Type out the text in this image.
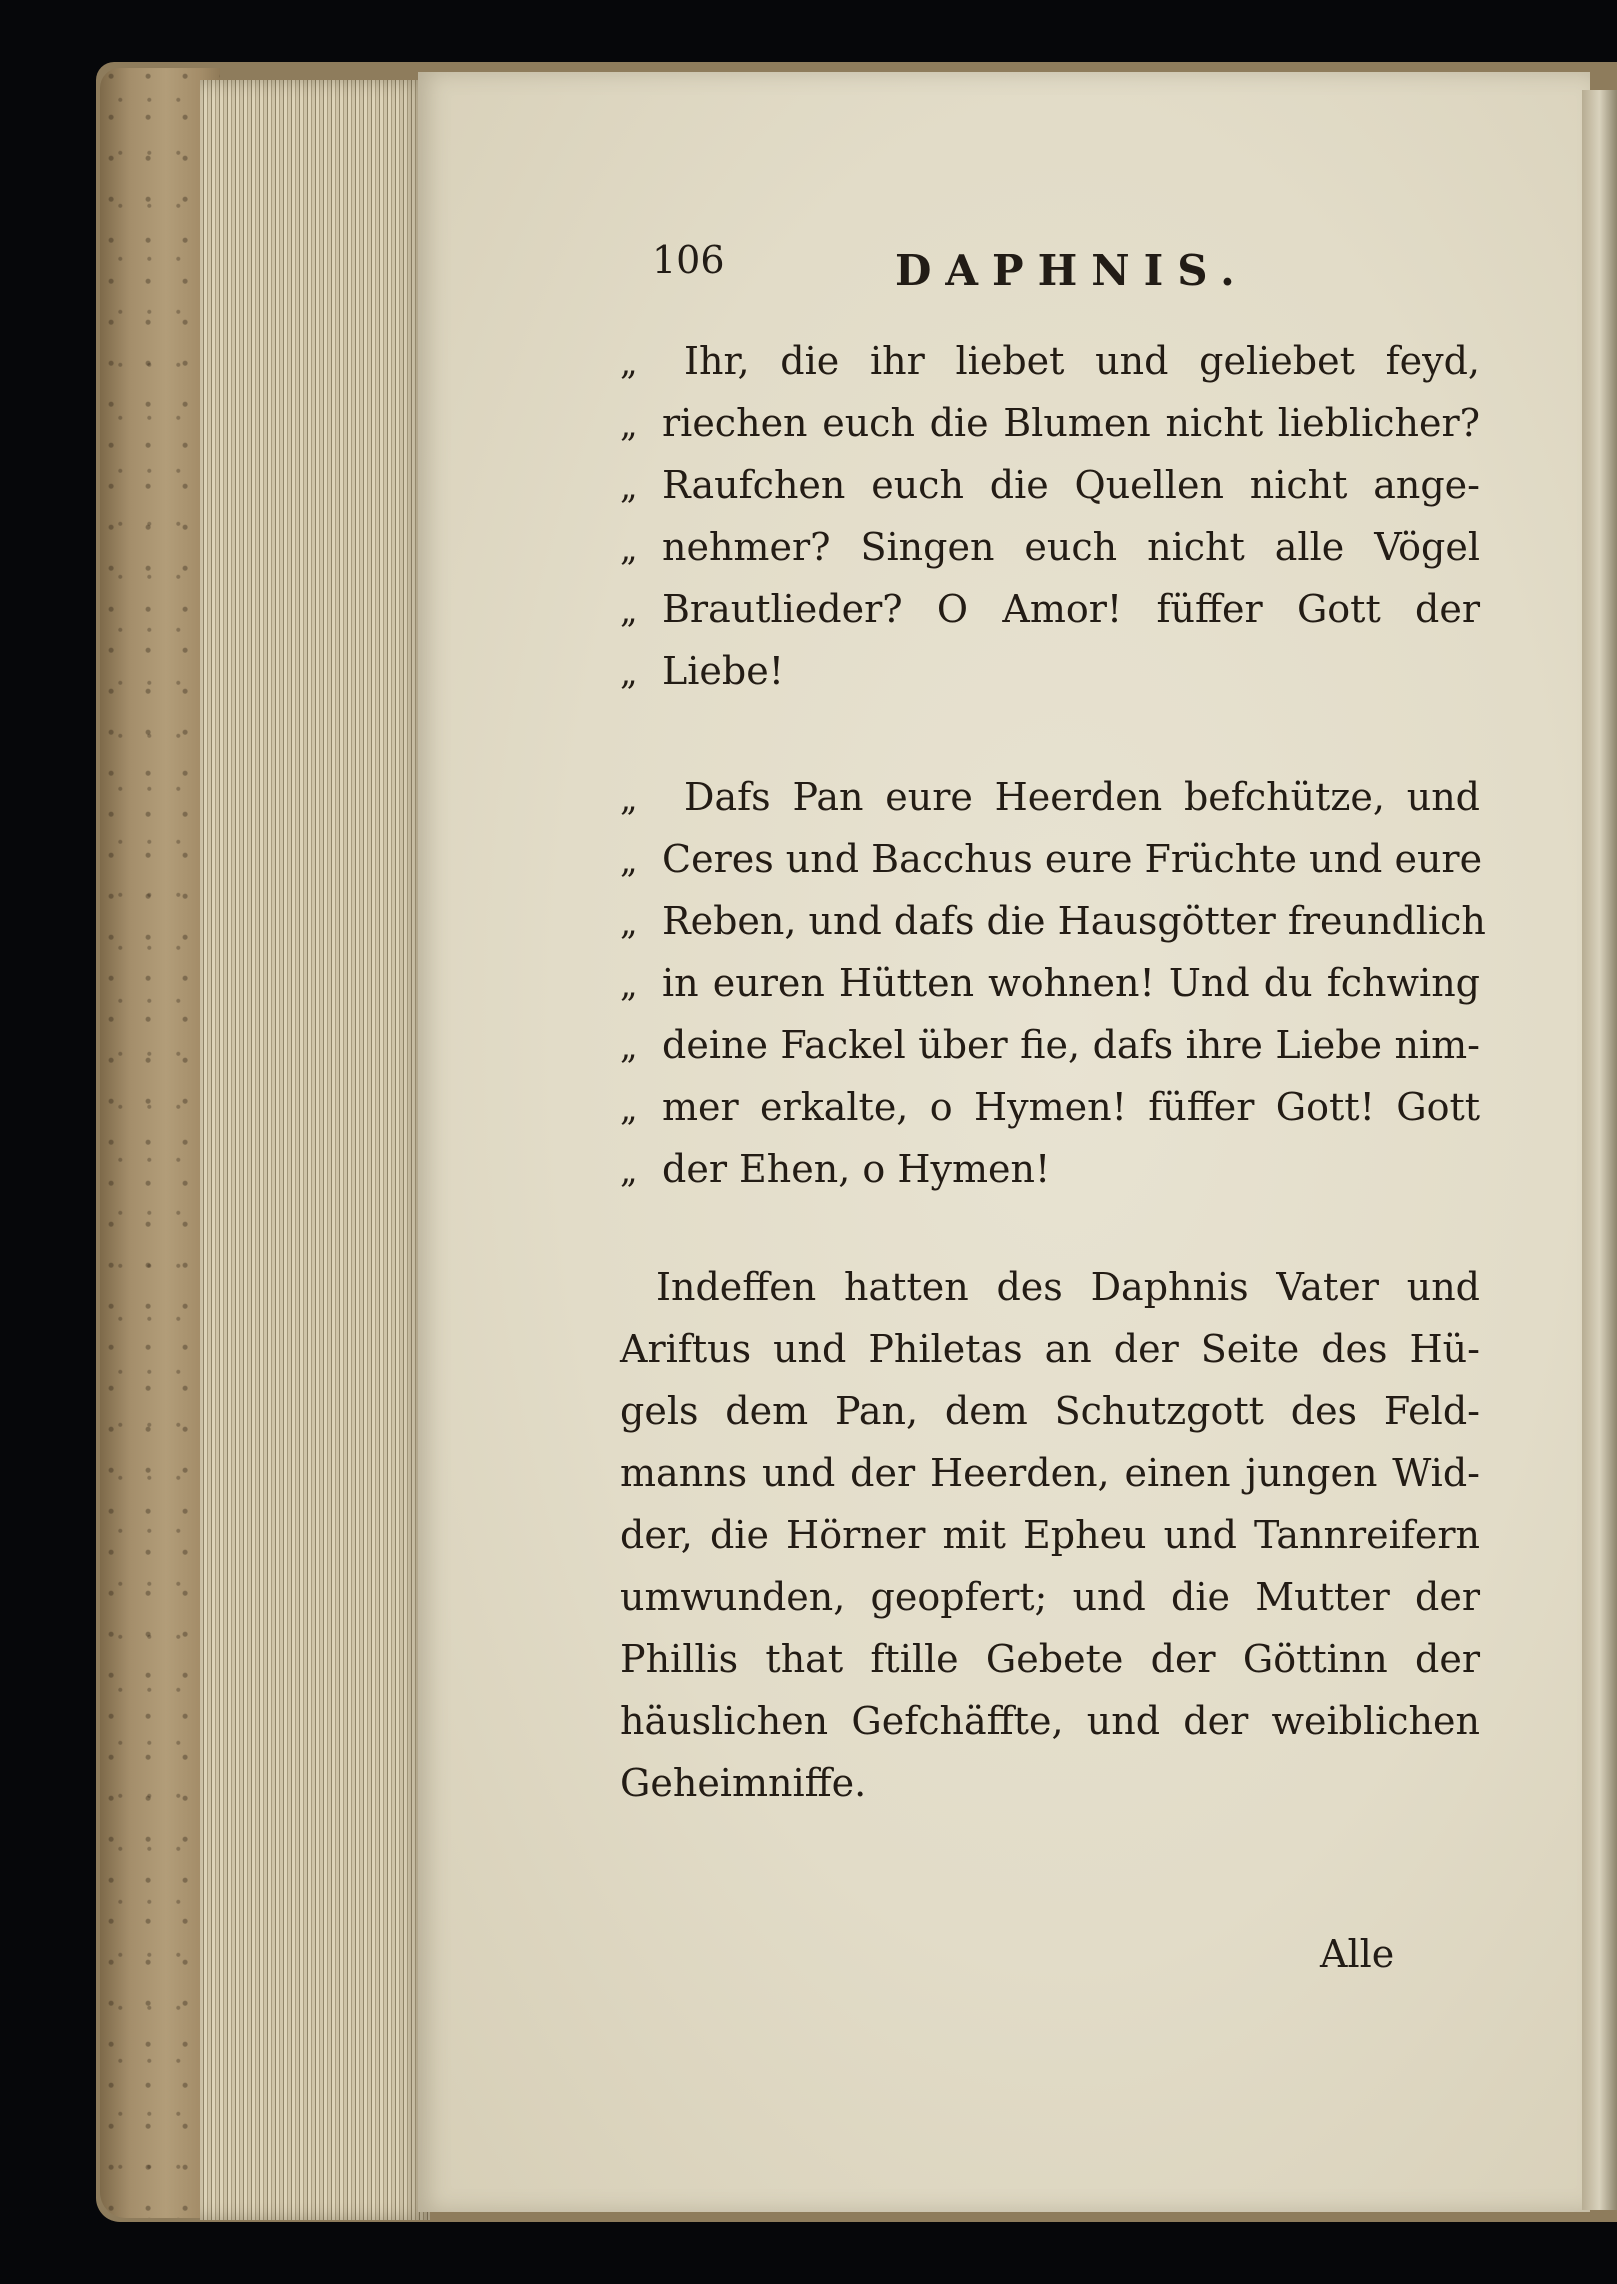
106	DAPHNIS.
„	Ihr, die ihr liebet und geliebet feyd,
„ riechen euch die Blumen nicht lieblicher?
„ Raufchen euch die Quellen nicht ange-
„ nehmer? Singen euch nicht alle Vögel
„ Brautlieder? O Amor! füffer Gott der
„ Liebe!
„	Dafs Pan eure Heerden befchütze, und
„ Ceres und Bacchus eure Früchte und eure
„ Reben, und dafs die Hausgötter freundlich
„ in euren Hütten wohnen! Und du fchwing
„ deine Fackel über fie, dafs ihre Liebe nim-
„ mer erkalte, o Hymen! füffer Gott! Gott
„ der Ehen, o Hymen!
Indeffen hatten des Daphnis Vater und
Ariftus und Philetas an der Seite des Hü-
gels dem Pan, dem Schutzgott des Feld-
manns und der Heerden, einen jungen Wid-
der, die Hörner mit Epheu und Tannreifern
umwunden, geopfert; und die Mutter der
Phillis that ftille Gebete der Göttinn der
häuslichen Gefchäffte, und der weiblichen
Geheimniffe.
Alle
